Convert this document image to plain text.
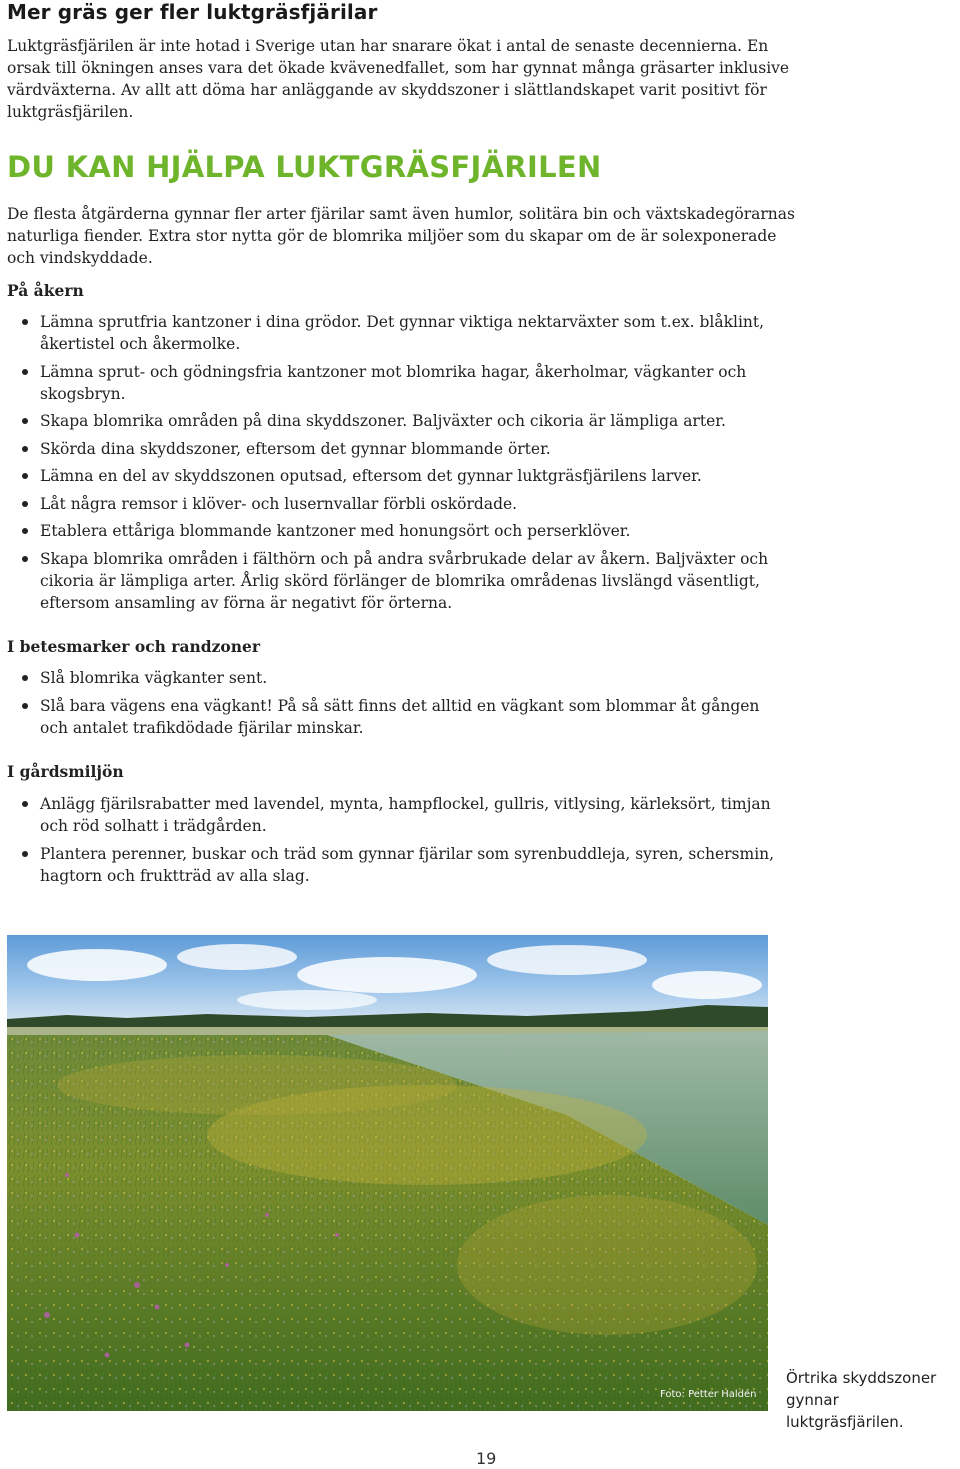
Mer gräs ger fler luktgräsfjärilar

Luktgräsfjärilen är inte hotad i Sverige utan har snarare ökat i antal de senaste decennierna. En orsak till ökningen anses vara det ökade kvävenedfallet, som har gynnat många gräsarter inklusive värdväxterna. Av allt att döma har anläggande av skyddszoner i slättlandskapet varit positivt för luktgräsfjärilen.

DU KAN HJÄLPA LUKTGRÄSFJÄRILEN

De flesta åtgärderna gynnar fler arter fjärilar samt även humlor, solitära bin och växtskadegörarnas naturliga fiender. Extra stor nytta gör de blomrika miljöer som du skapar om de är solexponerade och vindskyddade.

På åkern
Lämna sprutfria kantzoner i dina grödor. Det gynnar viktiga nektarväxter som t.ex. blåklint, åkertistel och åkermolke.
Lämna sprut- och gödningsfria kantzoner mot blomrika hagar, åkerholmar, vägkanter och skogsbryn.
Skapa blomrika områden på dina skyddszoner. Baljväxter och cikoria är lämpliga arter.
Skörda dina skyddszoner, eftersom det gynnar blommande örter.
Lämna en del av skyddszonen oputsad, eftersom det gynnar luktgräsfjärilens larver.
Låt några remsor i klöver- och lusernvallar förbli oskördade.
Etablera ettåriga blommande kantzoner med honungsört och perserklöver.
Skapa blomrika områden i fälthörn och på andra svårbrukade delar av åkern. Baljväxter och cikoria är lämpliga arter. Årlig skörd förlänger de blomrika områdenas livslängd väsentligt, eftersom ansamling av förna är negativt för örterna.
I betesmarker och randzoner
Slå blomrika vägkanter sent.
Slå bara vägens ena vägkant! På så sätt finns det alltid en vägkant som blommar åt gången och antalet trafikdödade fjärilar minskar.
I gårdsmiljön
Anlägg fjärilsrabatter med lavendel, mynta, hampflockel, gullris, vitlysing, kärleksört, timjan och röd solhatt i trädgården.
Plantera perenner, buskar och träd som gynnar fjärilar som syrenbuddleja, syren, schersmin, hagtorn och fruktträd av alla slag.
Foto: Petter Haldén
Örtrika skyddszoner gynnar luktgräsfjärilen.
19
